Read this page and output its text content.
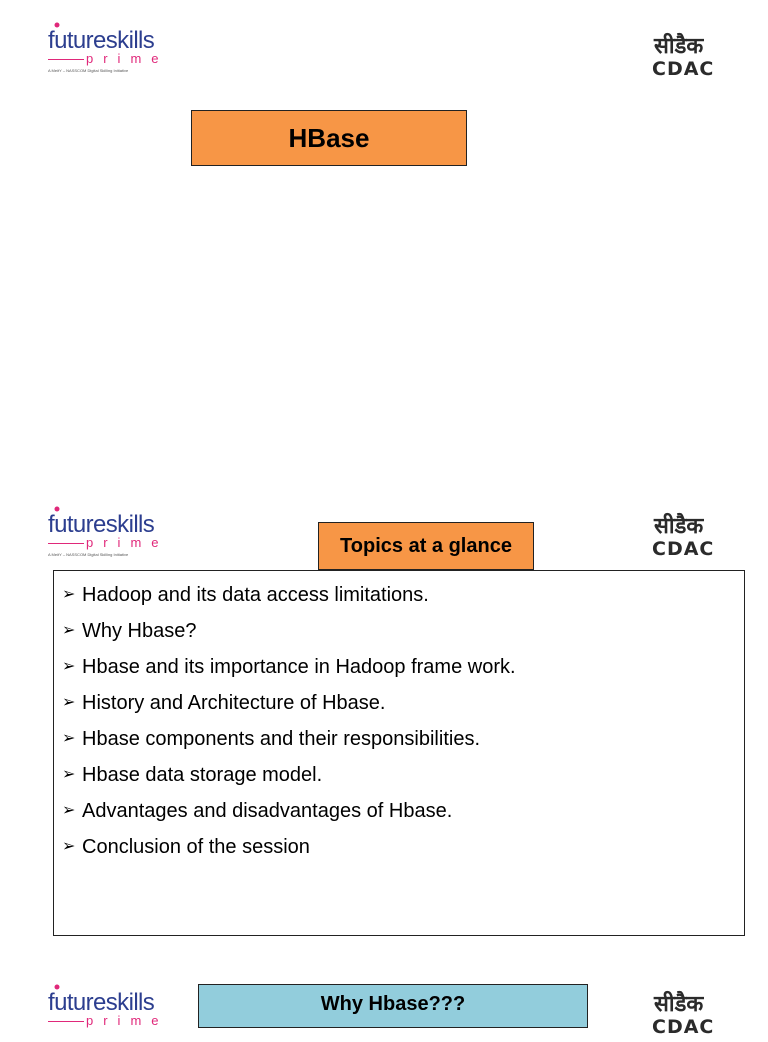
futureskills
prime
A MeitY – NASSCOM Digital Skilling Initiative
सीडैक
CDAC
HBase
futureskills
prime
A MeitY – NASSCOM Digital Skilling Initiative
सीडैक
CDAC
Topics at a glance
➢ Hadoop and its data access limitations.
➢ Why Hbase?
➢ Hbase and its importance in Hadoop frame work.
➢ History and Architecture of Hbase.
➢ Hbase components and their responsibilities.
➢ Hbase data storage model.
➢ Advantages and disadvantages of Hbase.
➢ Conclusion of the session
futureskills
prime
सीडैक
CDAC
Why Hbase???
